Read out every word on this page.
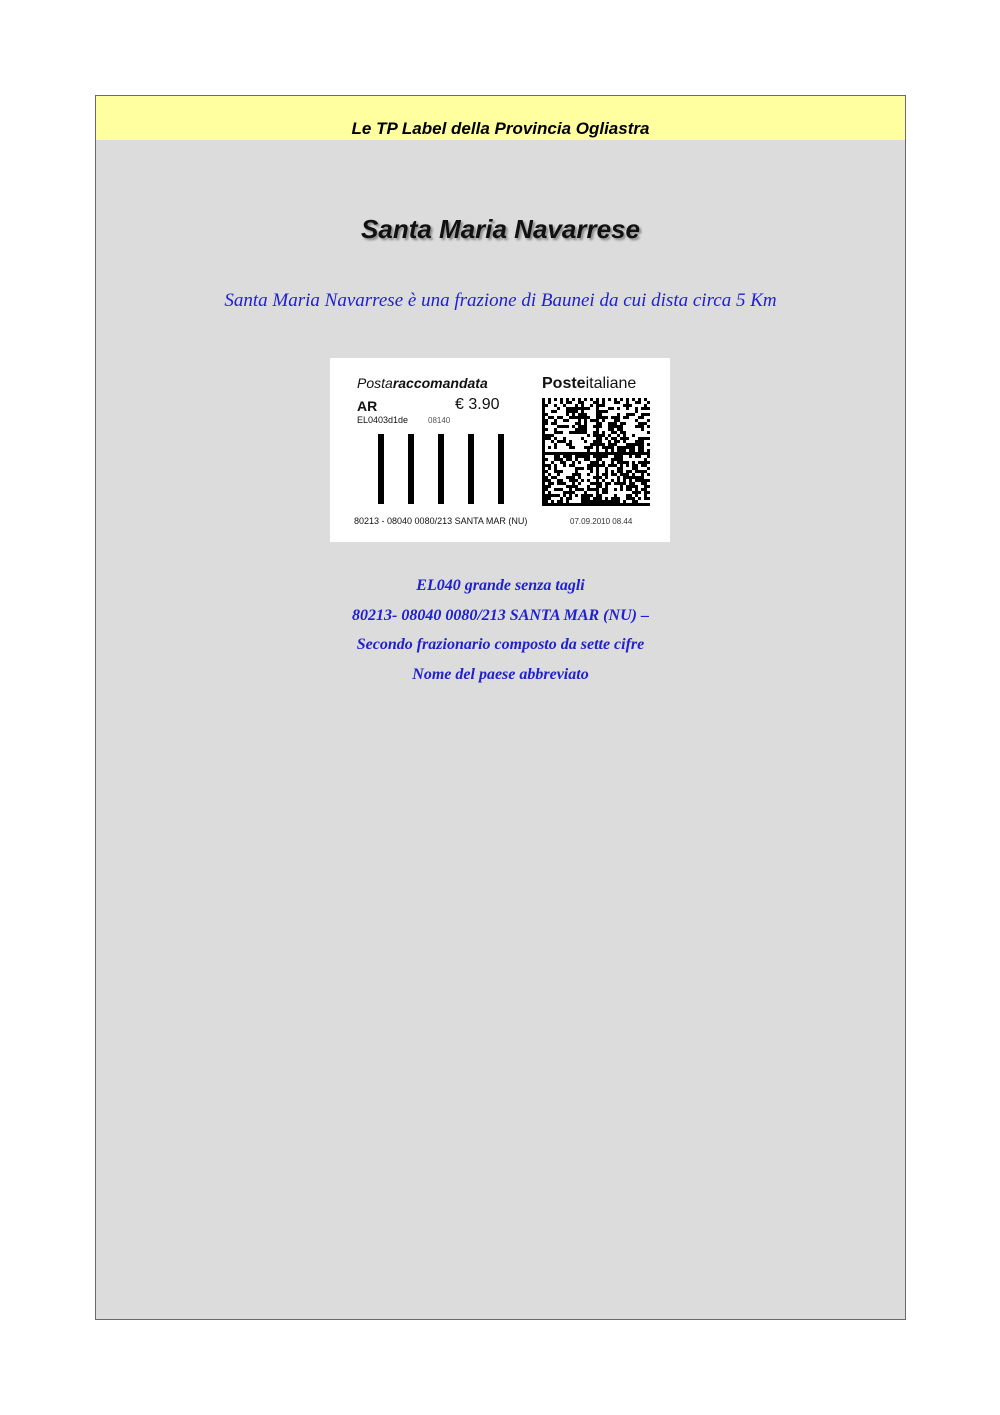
Le TP Label della Provincia Ogliastra
Santa Maria Navarrese
Santa Maria Navarrese è una frazione di Baunei da cui dista circa 5 Km
Postaraccomandata	Posteitaliane
AR	€ 3.90
EL0403d1de 08140
80213 - 08040 0080/213 SANTA MAR (NU)	07.09.2010 08.44
EL040 grande senza tagli
80213- 08040 0080/213 SANTA MAR (NU) –
Secondo frazionario composto da sette cifre
Nome del paese abbreviato
